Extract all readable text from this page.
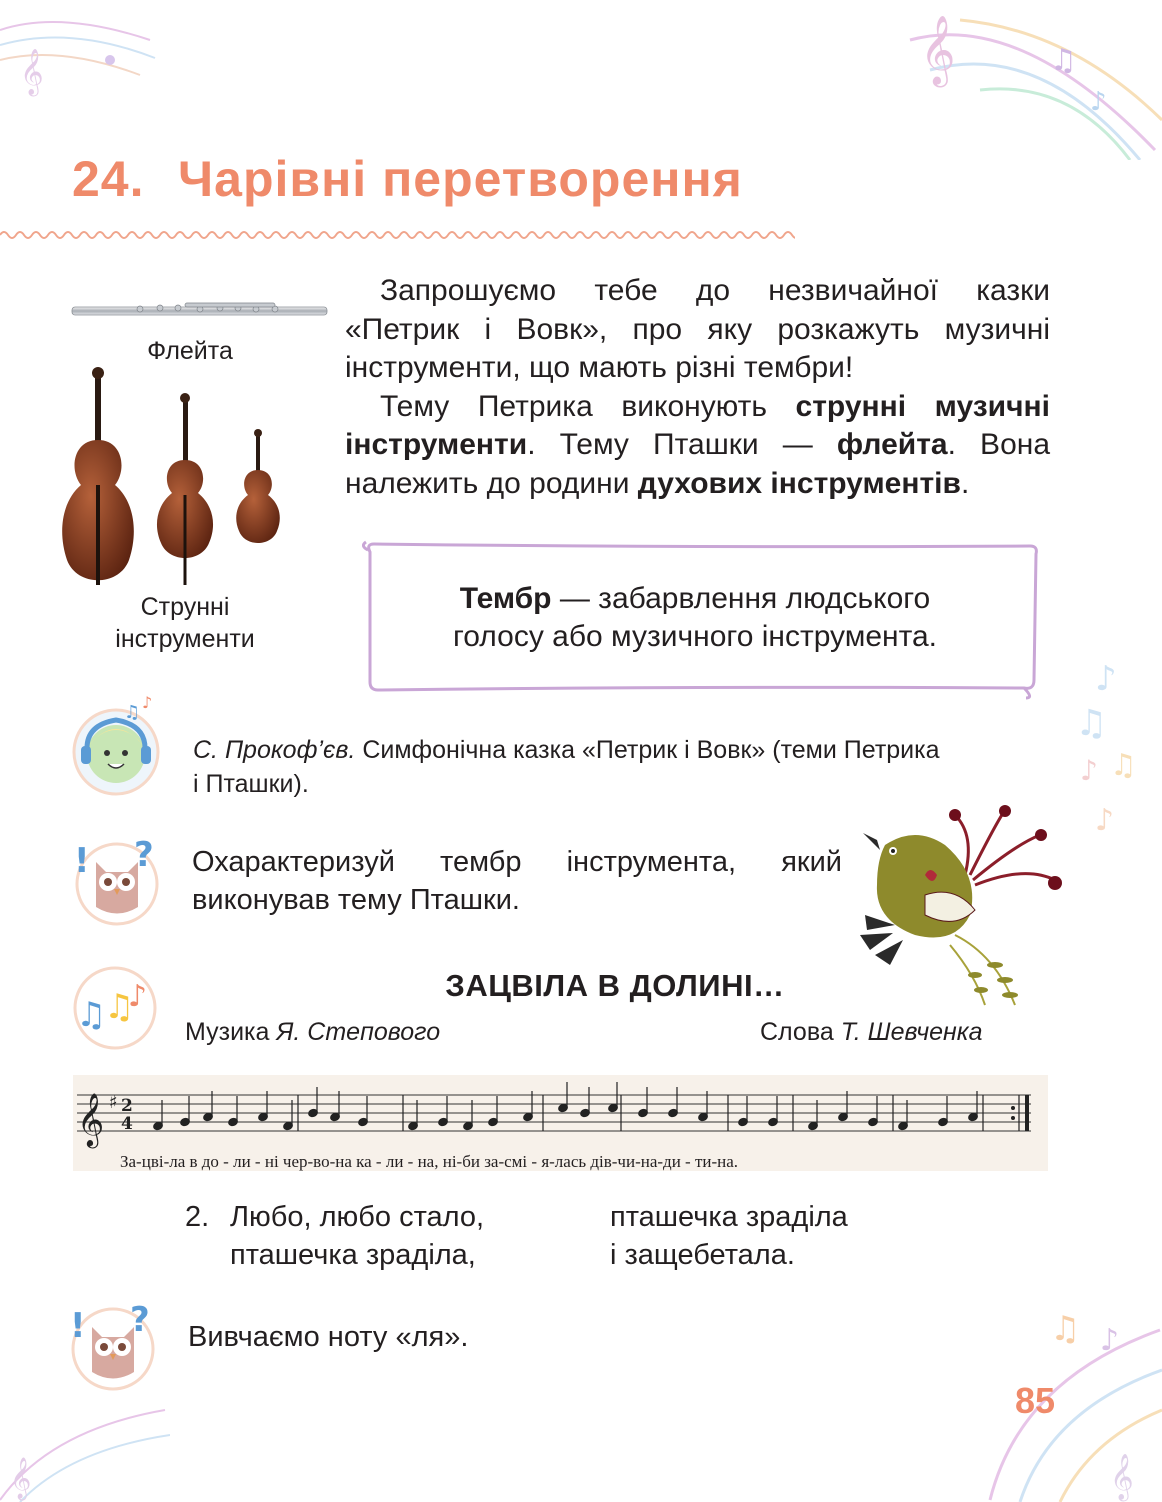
𝄞	𝄞	♫
♪
♪
♫
♫
♪
♪
♫ ♪
𝄞
𝄞
24. Чарівні перетворення
Флейта
Струнні
інструменти
Запрошуємо тебе до незвичайної казки
«Петрик і Вовк», про яку розкажуть музичні
інструменти, що мають різні тембри!
Тему Петрика виконують струнні музичні
інструменти. Тему Пташки — флейта. Вона
належить до родини духових інструментів.
Тембр — забарвлення людського
голосу або музичного інструмента.
♫ ♪
С. Прокоф’єв. Симфонічна казка «Петрик і Вовк» (теми Петрика
і Пташки).
! ? Охарактеризуй тембр інструмента, який
виконував тему Пташки.
♫
♫
♪	ЗАЦВІЛА В ДОЛИНІ…
Музика Я. Степового	Слова Т. Шевченка
𝄞 ♯ 2
4
За-цві-ла в до - ли - ні чер-во-на ка - ли - на, ні-би за-смі - я-лась дів-чи-на-ди - ти-на.
2. Любо, любо стало,
пташечка зраділа,
пташечка зраділа
і защебетала.
! ? Вивчаємо ноту «ля».
85
